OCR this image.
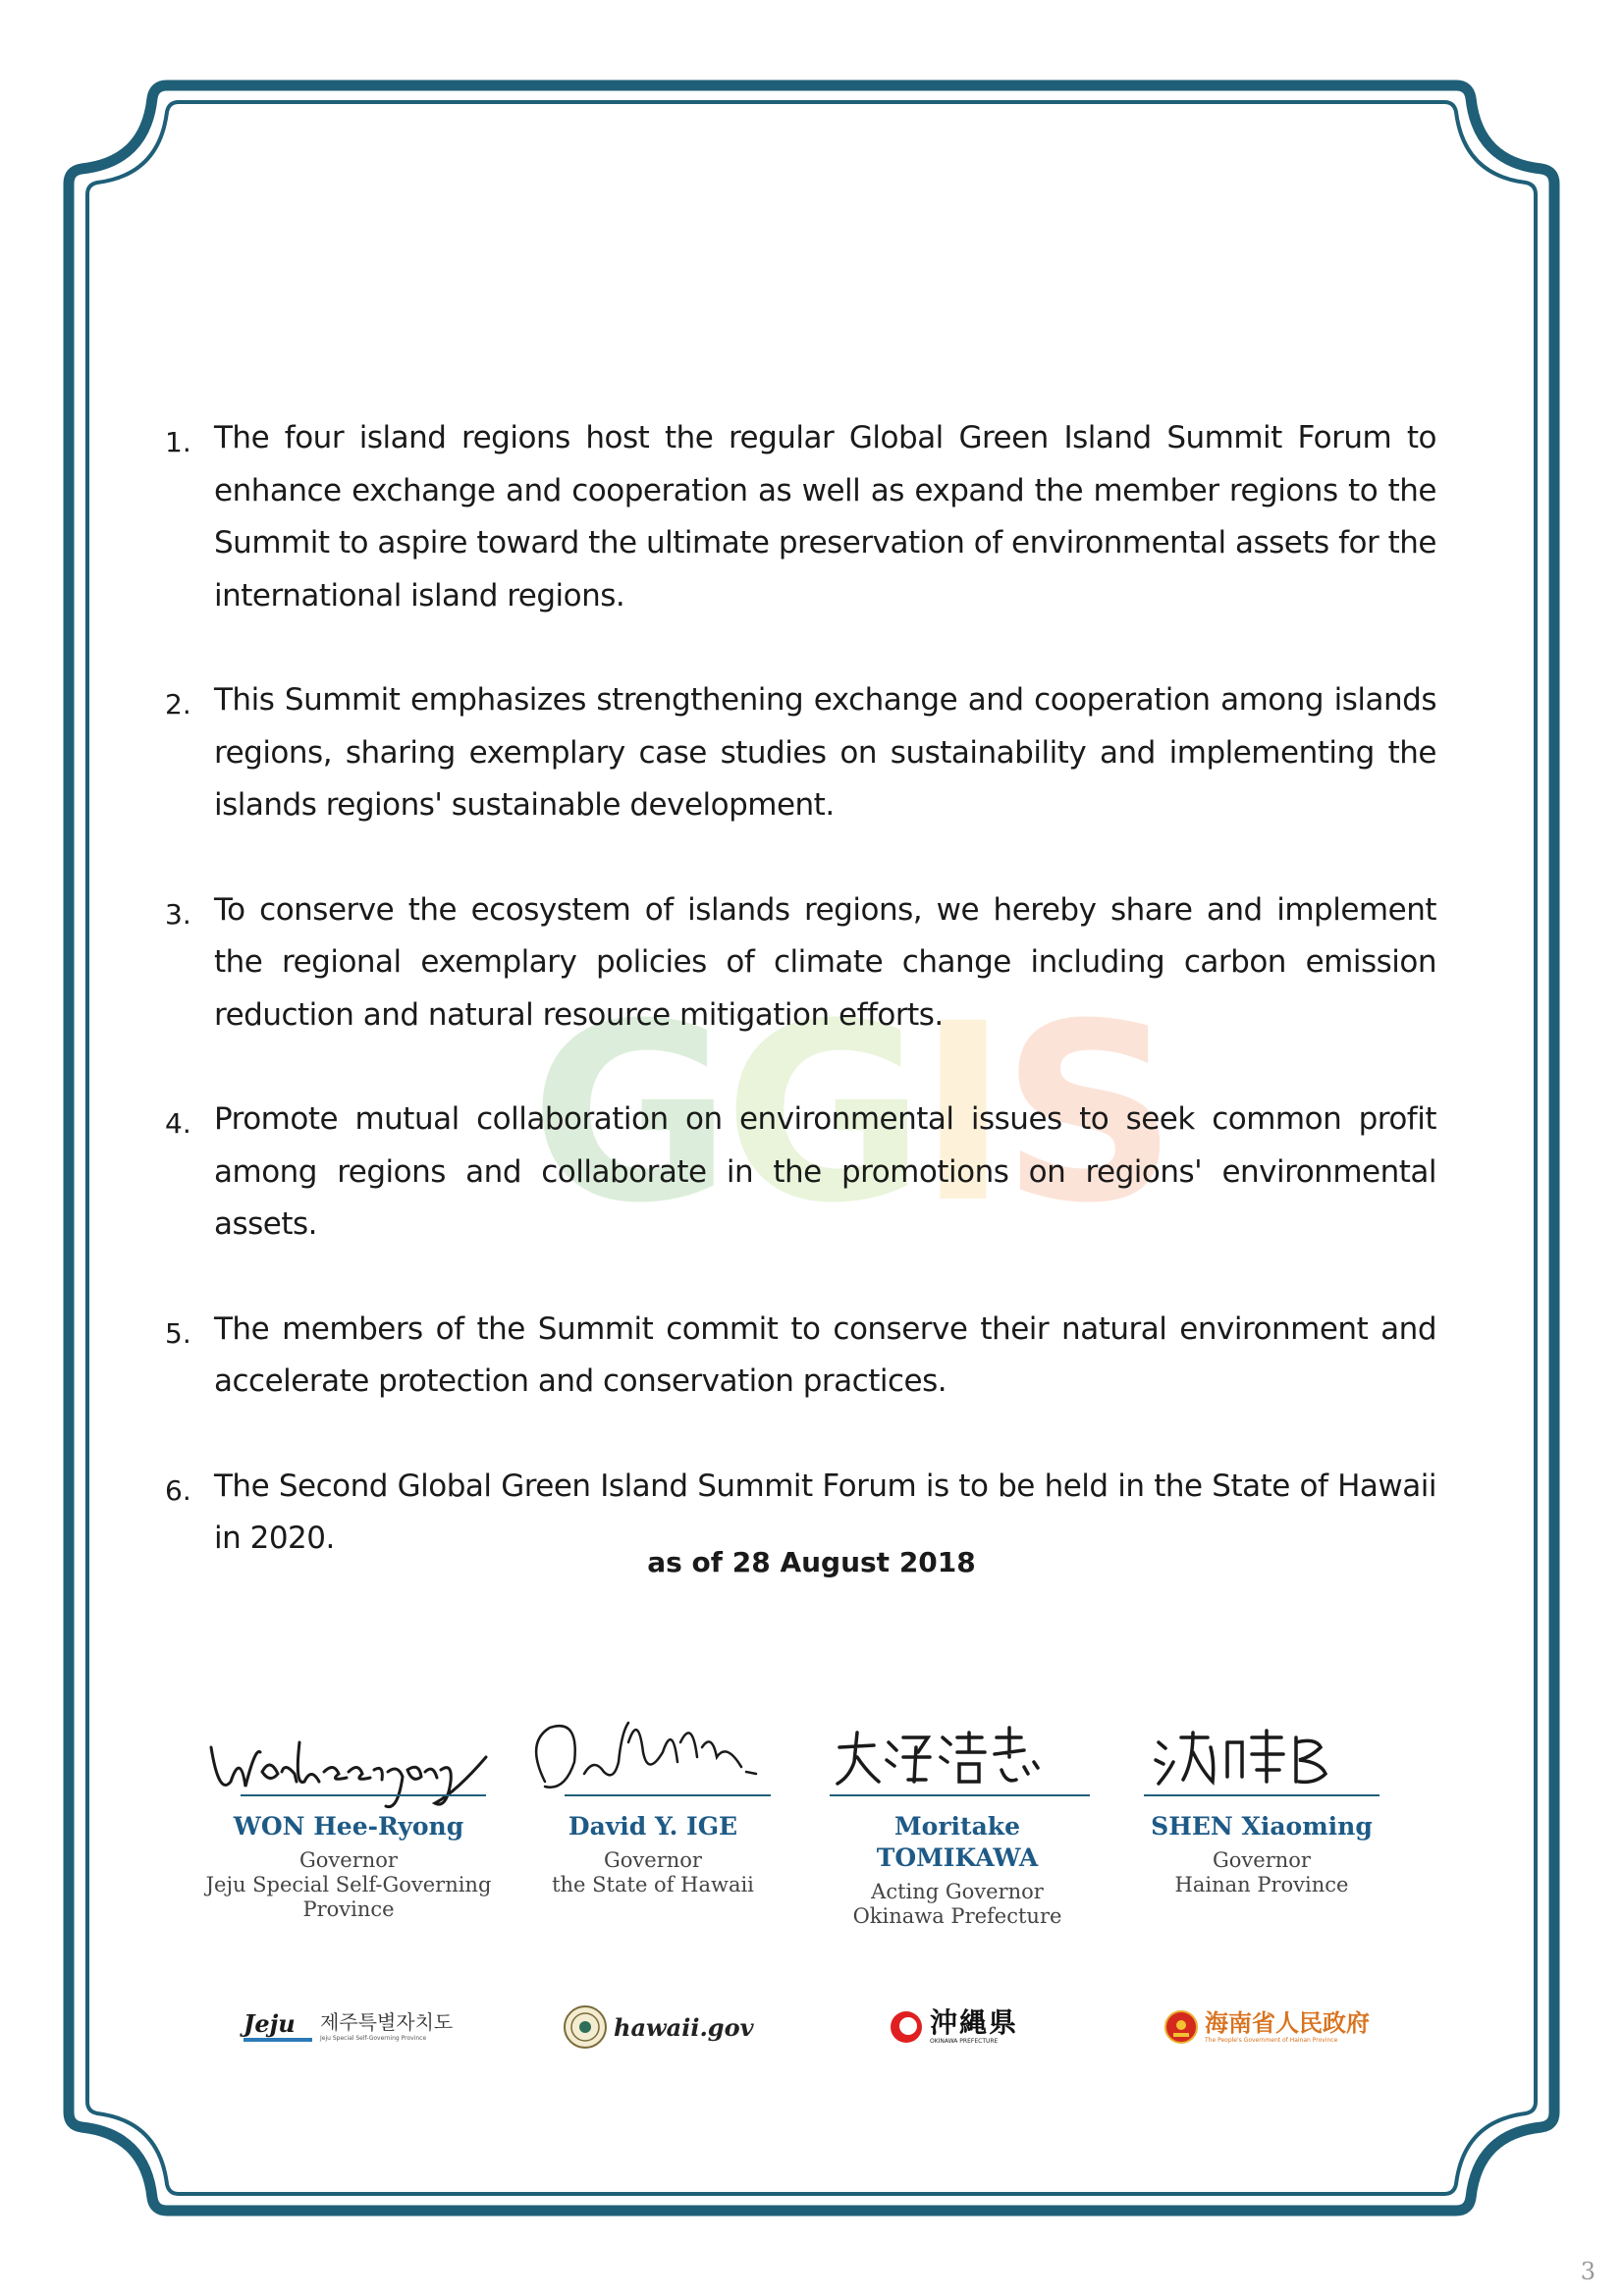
G G I S
1. The four island regions host the regular Global Green Island Summit Forum to enhance exchange and cooperation as well as expand the member regions to the Summit to aspire toward the ultimate preservation of environmental assets for the international island regions.
2. This Summit emphasizes strengthening exchange and cooperation among islands regions, sharing exemplary case studies on sustainability and implementing the islands regions' sustainable development.
3. To conserve the ecosystem of islands regions, we hereby share and implement the regional exemplary policies of climate change including carbon emission reduction and natural resource mitigation efforts.
4. Promote mutual collaboration on environmental issues to seek common profit among regions and collaborate in the promotions on regions' environmental assets.
5. The members of the Summit commit to conserve their natural environment and accelerate protection and conservation practices.
6. The Second Global Green Island Summit Forum is to be held in the State of Hawaii in 2020.
as of 28 August 2018
WON Hee-Ryong
Governor
Jeju Special Self-Governing Province
David Y. IGE
Governor
the State of Hawaii
Moritake TOMIKAWA
Acting Governor
Okinawa Prefecture
SHEN Xiaoming
Governor
Hainan Province
Jeju 제주특별자치도
Jeju Special Self-Governing Province	hawaii.gov	沖縄県
OKINAWA PREFECTURE
海南省人民政府
The People's Government of Hainan Province
3
